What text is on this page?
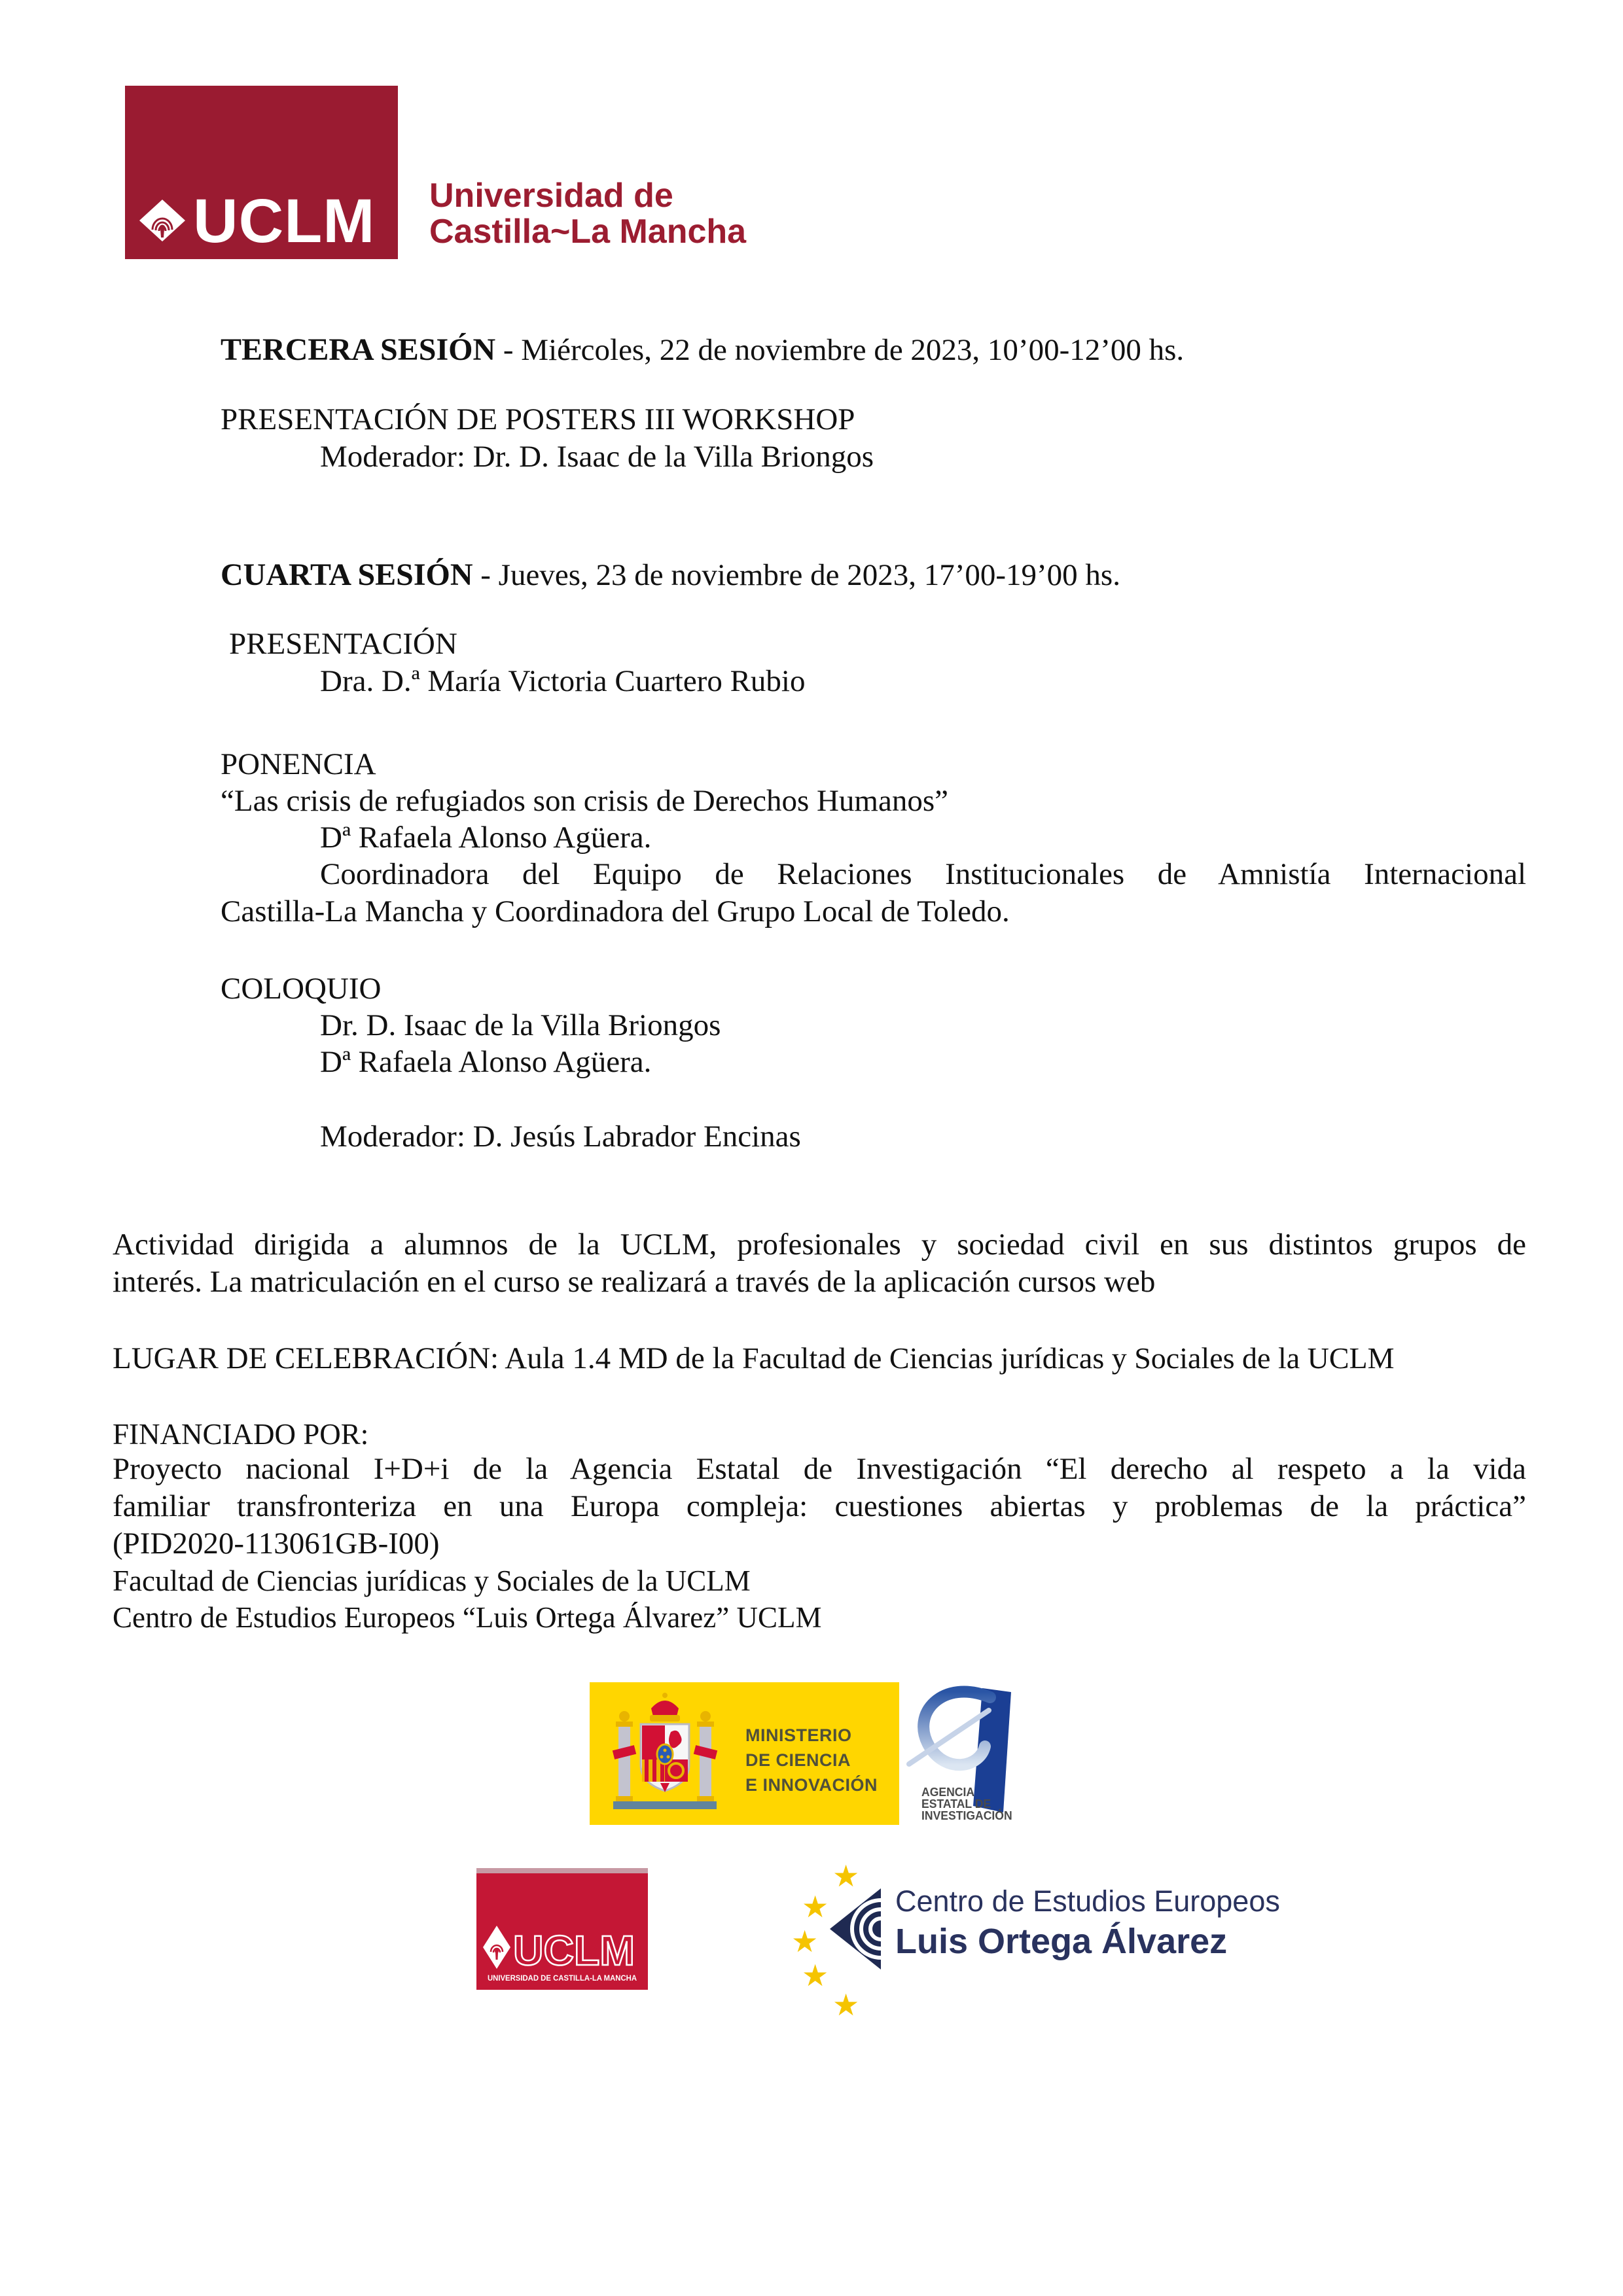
UCLM Universidad de
Castilla~La Mancha
TERCERA SESIÓN - Miércoles, 22 de noviembre de 2023, 10’00-12’00 hs.
PRESENTACIÓN DE POSTERS III WORKSHOP
Moderador: Dr. D. Isaac de la Villa Briongos
CUARTA SESIÓN - Jueves, 23 de noviembre de 2023, 17’00-19’00 hs.
PRESENTACIÓN
Dra. D.ª María Victoria Cuartero Rubio
PONENCIA
“Las crisis de refugiados son crisis de Derechos Humanos”
Dª Rafaela Alonso Agüera.
Coordinadora del Equipo de Relaciones Institucionales de Amnistía Internacional
Castilla-La Mancha y Coordinadora del Grupo Local de Toledo.
COLOQUIO
Dr. D. Isaac de la Villa Briongos
Dª Rafaela Alonso Agüera.
Moderador: D. Jesús Labrador Encinas
Actividad dirigida a alumnos de la UCLM, profesionales y sociedad civil en sus distintos grupos de
interés. La matriculación en el curso se realizará a través de la aplicación cursos web
LUGAR DE CELEBRACIÓN: Aula 1.4 MD de la Facultad de Ciencias jurídicas y Sociales de la UCLM
FINANCIADO POR:
Proyecto nacional I+D+i de la Agencia Estatal de Investigación “El derecho al respeto a la vida
familiar transfronteriza en una Europa compleja: cuestiones abiertas y problemas de la práctica”
(PID2020-113061GB-I00)
Facultad de Ciencias jurídicas y Sociales de la UCLM
Centro de Estudios Europeos “Luis Ortega Álvarez” UCLM
MINISTERIO
DE CIENCIA
E INNOVACIÓN	AGENCIA
ESTATAL DE
INVESTIGACIÓN
UCLM
UNIVERSIDAD DE CASTILLA-LA MANCHA
★
★
★
★
★
Centro de Estudios Europeos
Luis Ortega Álvarez
